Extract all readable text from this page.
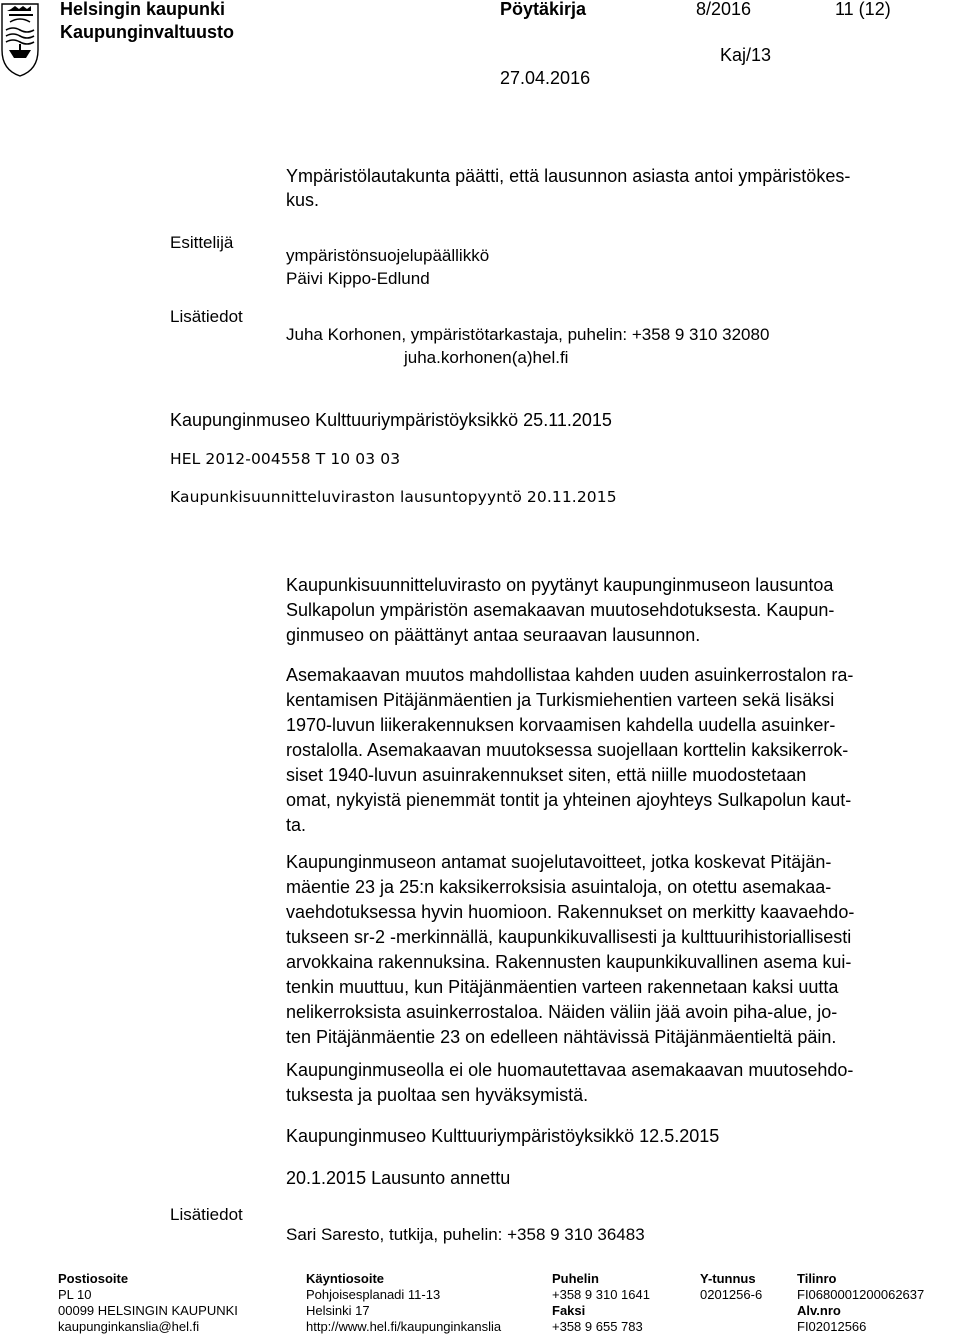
Helsingin kaupunki
Kaupunginvaltuusto
Pöytäkirja	8/2016	11 (12)
Kaj/13
27.04.2016
Ympäristölautakunta päätti, että lausunnon asiasta antoi ympäristökes-
kus.
Esittelijä
ympäristönsuojelupäällikkö
Päivi Kippo-Edlund
Lisätiedot
Juha Korhonen, ympäristötarkastaja, puhelin: +358 9 310 32080
juha.korhonen(a)hel.fi
Kaupunginmuseo Kulttuuriympäristöyksikkö 25.11.2015
HEL 2012-004558 T 10 03 03
Kaupunkisuunnitteluviraston lausuntopyyntö 20.11.2015

Kaupunkisuunnitteluvirasto on pyytänyt kaupunginmuseon lausuntoa

Sulkapolun ympäristön asemakaavan muutosehdotuksesta. Kaupun-

ginmuseo on päättänyt antaa seuraavan lausunnon.

Asemakaavan muutos mahdollistaa kahden uuden asuinkerrostalon ra-

kentamisen Pitäjänmäentien ja Turkismiehentien varteen sekä lisäksi

1970-luvun liikerakennuksen korvaamisen kahdella uudella asuinker-

rostalolla. Asemakaavan muutoksessa suojellaan korttelin kaksikerrok-

siset 1940-luvun asuinrakennukset siten, että niille muodostetaan

omat, nykyistä pienemmät tontit ja yhteinen ajoyhteys Sulkapolun kaut-

ta.

Kaupunginmuseon antamat suojelutavoitteet, jotka koskevat Pitäjän-

mäentie 23 ja 25:n kaksikerroksisia asuintaloja, on otettu asemakaa-

vaehdotuksessa hyvin huomioon. Rakennukset on merkitty kaavaehdo-

tukseen sr-2 -merkinnällä, kaupunkikuvallisesti ja kulttuurihistoriallisesti

arvokkaina rakennuksina. Rakennusten kaupunkikuvallinen asema kui-

tenkin muuttuu, kun Pitäjänmäentien varteen rakennetaan kaksi uutta

nelikerroksista asuinkerrostaloa. Näiden väliin jää avoin piha-alue, jo-

ten Pitäjänmäentie 23 on edelleen nähtävissä Pitäjänmäentieltä päin.

Kaupunginmuseolla ei ole huomautettavaa asemakaavan muutosehdo-

tuksesta ja puoltaa sen hyväksymistä.

Kaupunginmuseo Kulttuuriympäristöyksikkö 12.5.2015
20.1.2015 Lausunto annettu
Lisätiedot
Sari Saresto, tutkija, puhelin: +358 9 310 36483
Postiosoite
PL 10
00099 HELSINGIN KAUPUNKI
kaupunginkanslia@hel.fi
Käyntiosoite
Pohjoisesplanadi 11-13
Helsinki 17
http://www.hel.fi/kaupunginkanslia
Puhelin
+358 9 310 1641
Faksi
+358 9 655 783
Y-tunnus
0201256-6
Tilinro
FI0680001200062637
Alv.nro
FI02012566
